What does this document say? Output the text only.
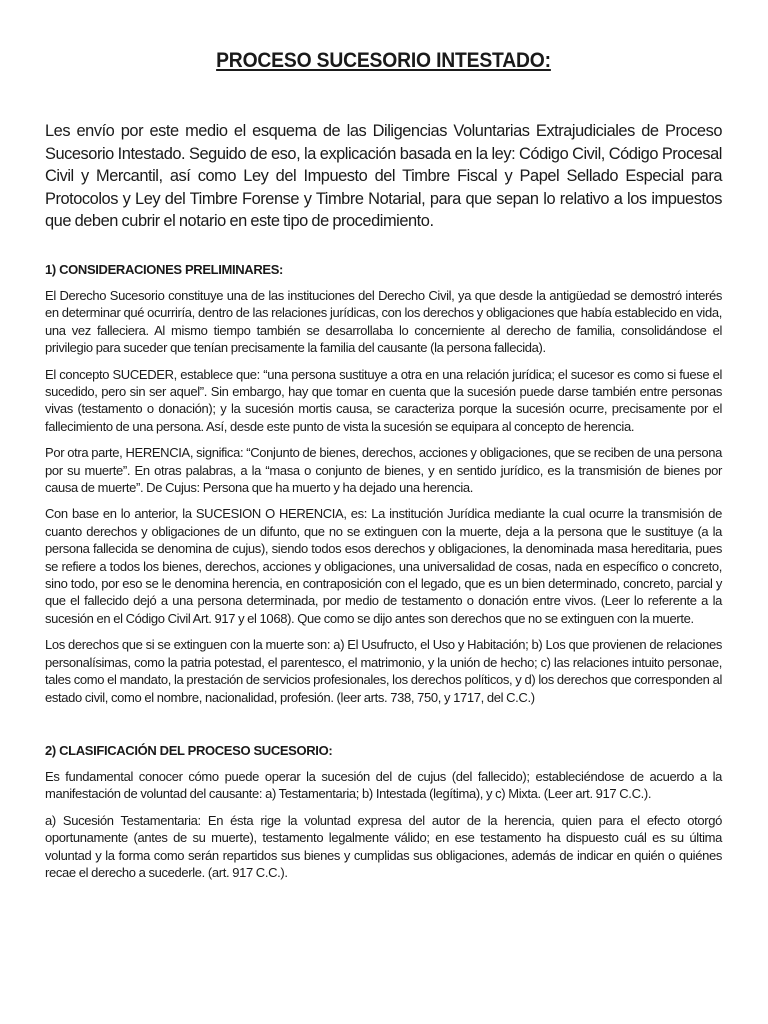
PROCESO SUCESORIO INTESTADO:

Les envío por este medio el esquema de las Diligencias Voluntarias Extrajudiciales de Proceso Sucesorio Intestado. Seguido de eso, la explicación basada en la ley: Código Civil, Código Procesal Civil y Mercantil, así como Ley del Impuesto del Timbre Fiscal y Papel Sellado Especial para Protocolos y Ley del Timbre Forense y Timbre Notarial, para que sepan lo relativo a los impuestos que deben cubrir el notario en este tipo de procedimiento.

1) CONSIDERACIONES PRELIMINARES:

El Derecho Sucesorio constituye una de las instituciones del Derecho Civil, ya que desde la antigüedad se demostró interés en determinar qué ocurriría, dentro de las relaciones jurídicas, con los derechos y obligaciones que había establecido en vida, una vez falleciera. Al mismo tiempo también se desarrollaba lo concerniente al derecho de familia, consolidándose el privilegio para suceder que tenían precisamente la familia del causante (la persona fallecida).

El concepto SUCEDER, establece que: “una persona sustituye a otra en una relación jurídica; el sucesor es como si fuese el sucedido, pero sin ser aquel”. Sin embargo, hay que tomar en cuenta que la sucesión puede darse también entre personas vivas (testamento o donación); y la sucesión mortis causa, se caracteriza porque la sucesión ocurre, precisamente por el fallecimiento de una persona. Así, desde este punto de vista la sucesión se equipara al concepto de herencia.

Por otra parte, HERENCIA, significa: “Conjunto de bienes, derechos, acciones y obligaciones, que se reciben de una persona por su muerte”. En otras palabras, a la “masa o conjunto de bienes, y en sentido jurídico, es la transmisión de bienes por causa de muerte”. De Cujus: Persona que ha muerto y ha dejado una herencia.

Con base en lo anterior, la SUCESION O HERENCIA, es: La institución Jurídica mediante la cual ocurre la transmisión de cuanto derechos y obligaciones de un difunto, que no se extinguen con la muerte, deja a la persona que le sustituye (a la persona fallecida se denomina de cujus), siendo todos esos derechos y obligaciones, la denominada masa hereditaria, pues se refiere a todos los bienes, derechos, acciones y obligaciones, una universalidad de cosas, nada en específico o concreto, sino todo, por eso se le denomina herencia, en contraposición con el legado, que es un bien determinado, concreto, parcial y que el fallecido dejó a una persona determinada, por medio de testamento o donación entre vivos. (Leer lo referente a la sucesión en el Código Civil Art. 917 y el 1068). Que como se dijo antes son derechos que no se extinguen con la muerte.

Los derechos que si se extinguen con la muerte son: a) El Usufructo, el Uso y Habitación; b) Los que provienen de relaciones personalísimas, como la patria potestad, el parentesco, el matrimonio, y la unión de hecho; c) las relaciones intuito personae, tales como el mandato, la prestación de servicios profesionales, los derechos políticos, y d) los derechos que corresponden al estado civil, como el nombre, nacionalidad, profesión. (leer arts. 738, 750, y 1717, del C.C.)

2) CLASIFICACIÓN DEL PROCESO SUCESORIO:

Es fundamental conocer cómo puede operar la sucesión del de cujus (del fallecido); estableciéndose de acuerdo a la manifestación de voluntad del causante: a) Testamentaria; b) Intestada (legítima), y c) Mixta. (Leer art. 917 C.C.).

a) Sucesión Testamentaria: En ésta rige la voluntad expresa del autor de la herencia, quien para el efecto otorgó oportunamente (antes de su muerte), testamento legalmente válido; en ese testamento ha dispuesto cuál es su última voluntad y la forma como serán repartidos sus bienes y cumplidas sus obligaciones, además de indicar en quién o quiénes recae el derecho a sucederle. (art. 917 C.C.).
